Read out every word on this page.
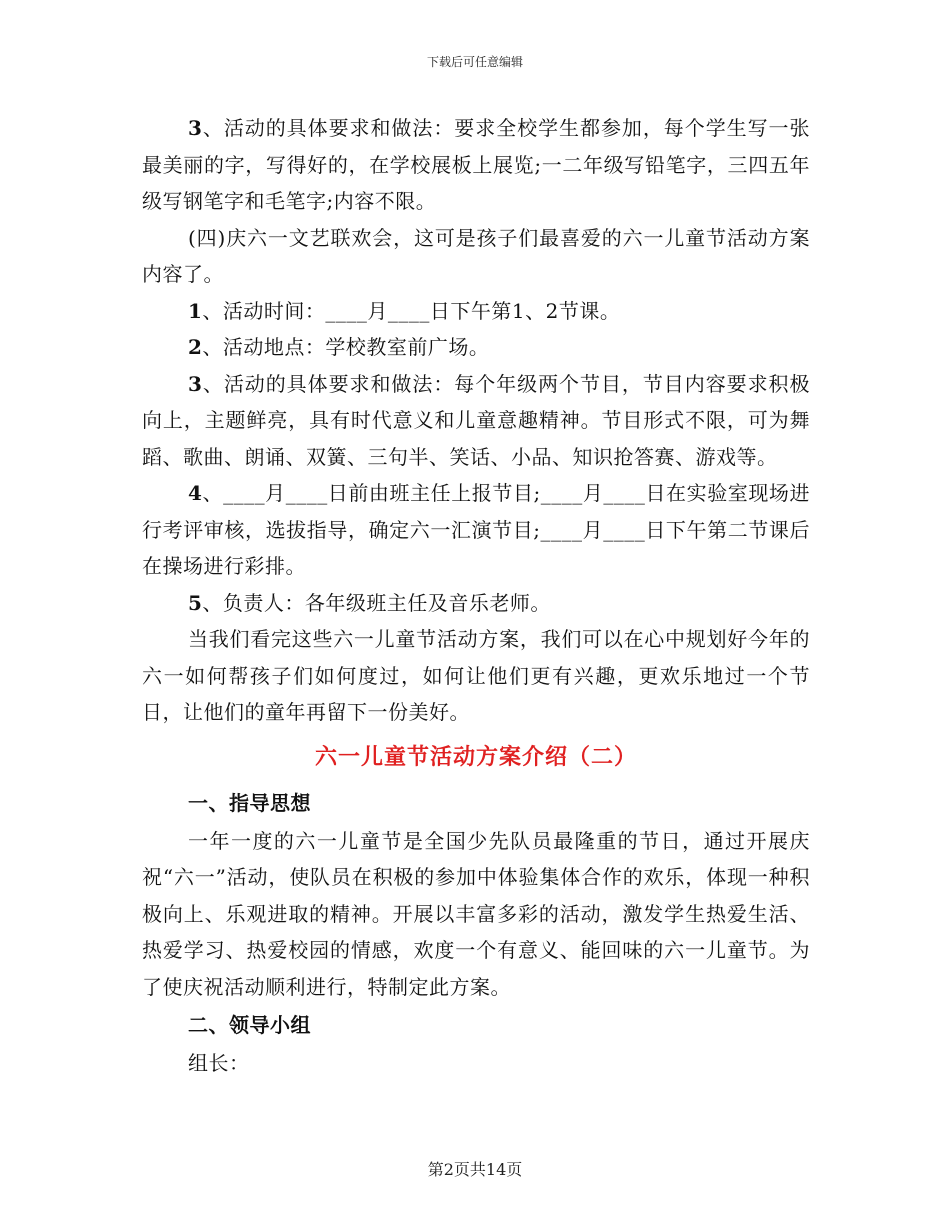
下载后可任意编辑

3、活动的具体要求和做法：要求全校学生都参加，每个学生写一张最美丽的字，写得好的，在学校展板上展览;一二年级写铅笔字，三四五年级写钢笔字和毛笔字;内容不限。

(四)庆六一文艺联欢会，这可是孩子们最喜爱的六一儿童节活动方案内容了。

1、活动时间：____月____日下午第1、2节课。

2、活动地点：学校教室前广场。

3、活动的具体要求和做法：每个年级两个节目，节目内容要求积极向上，主题鲜亮，具有时代意义和儿童意趣精神。节目形式不限，可为舞蹈、歌曲、朗诵、双簧、三句半、笑话、小品、知识抢答赛、游戏等。

4、____月____日前由班主任上报节目;____月____日在实验室现场进行考评审核，选拔指导，确定六一汇演节目;____月____日下午第二节课后在操场进行彩排。

5、负责人：各年级班主任及音乐老师。

当我们看完这些六一儿童节活动方案，我们可以在心中规划好今年的六一如何帮孩子们如何度过，如何让他们更有兴趣，更欢乐地过一个节日，让他们的童年再留下一份美好。

六一儿童节活动方案介绍（二）
一、指导思想

一年一度的六一儿童节是全国少先队员最隆重的节日，通过开展庆祝“六一”活动，使队员在积极的参加中体验集体合作的欢乐，体现一种积极向上、乐观进取的精神。开展以丰富多彩的活动，激发学生热爱生活、热爱学习、热爱校园的情感，欢度一个有意义、能回味的六一儿童节。为了使庆祝活动顺利进行，特制定此方案。

二、领导小组

组长：

第2页共14页
